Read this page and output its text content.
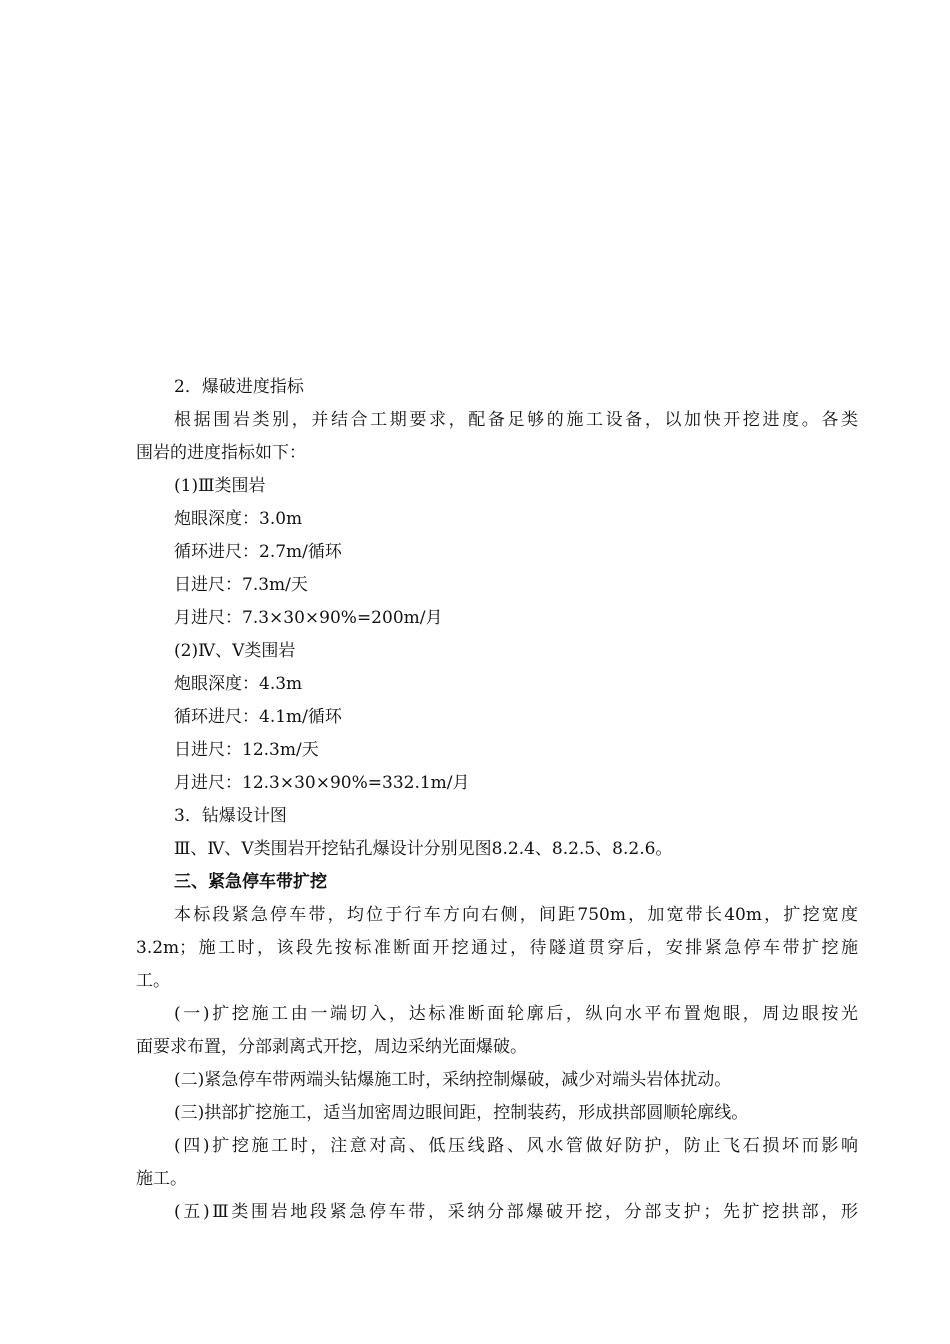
2．爆破进度指标
根据围岩类别，并结合工期要求，配备足够的施工设备，以加快开挖进度。各类
围岩的进度指标如下：
(1)Ⅲ类围岩
炮眼深度：3.0m
循环进尺：2.7m/循环
日进尺：7.3m/天
月进尺：7.3×30×90%=200m/月
(2)Ⅳ、Ⅴ类围岩
炮眼深度：4.3m
循环进尺：4.1m/循环
日进尺：12.3m/天
月进尺：12.3×30×90%=332.1m/月
3．钻爆设计图
Ⅲ、Ⅳ、Ⅴ类围岩开挖钻孔爆设计分别见图8.2.4、8.2.5、8.2.6。
三、紧急停车带扩挖
本标段紧急停车带，均位于行车方向右侧，间距750m，加宽带长40m，扩挖宽度
3.2m；施工时，该段先按标准断面开挖通过，待隧道贯穿后，安排紧急停车带扩挖施
工。
(一)扩挖施工由一端切入，达标准断面轮廓后，纵向水平布置炮眼，周边眼按光
面要求布置，分部剥离式开挖，周边采纳光面爆破。
(二)紧急停车带两端头钻爆施工时，采纳控制爆破，减少对端头岩体扰动。
(三)拱部扩挖施工，适当加密周边眼间距，控制装药，形成拱部圆顺轮廓线。
(四)扩挖施工时，注意对高、低压线路、风水管做好防护，防止飞石损坏而影响
施工。
(五)Ⅲ类围岩地段紧急停车带，采纳分部爆破开挖，分部支护；先扩挖拱部，形
